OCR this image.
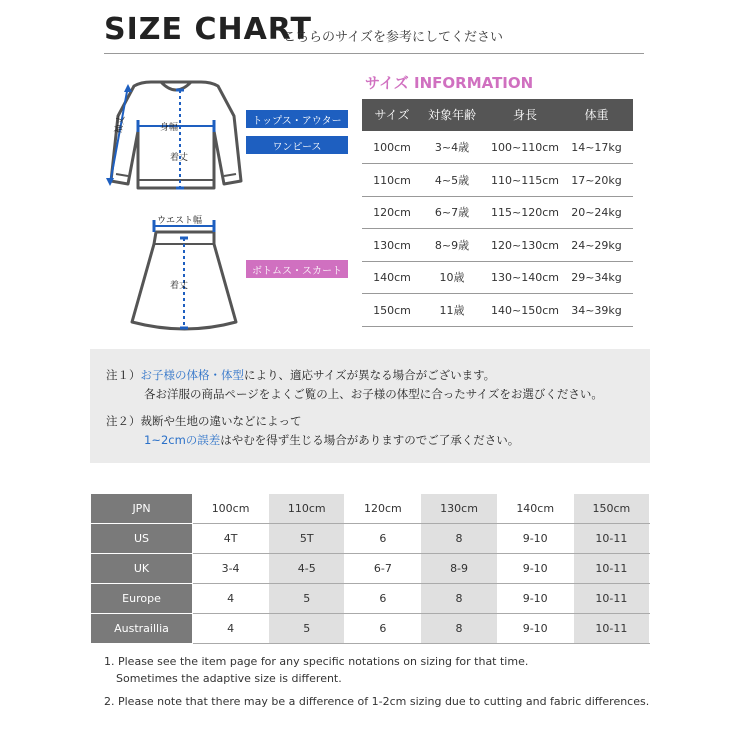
SIZE CHART
こちらのサイズを参考にしてください
袖丈	身幅
着丈
ウエスト幅
着丈
トップス・アウター
ワンピース
ボトムス・スカート
サイズ INFORMATION
サイズ	対象年齢	身長	体重
100cm	3~4歳	100~110cm	14~17kg
110cm	4~5歳	110~115cm	17~20kg
120cm	6~7歳	115~120cm	20~24kg
130cm	8~9歳	120~130cm	24~29kg
140cm	10歳	130~140cm	29~34kg
150cm	11歳	140~150cm	34~39kg
注１）お子様の体格・体型により、適応サイズが異なる場合がございます。
各お洋服の商品ページをよくご覧の上、お子様の体型に合ったサイズをお選びください。
注２）裁断や生地の違いなどによって
1~2cmの誤差はやむを得ず生じる場合がありますのでご了承ください。
JPN	100cm	110cm	120cm	130cm	140cm	150cm
US	4T	5T	6	8	9-10	10-11
UK	3-4	4-5	6-7	8-9	9-10	10-11
Europe	4	5	6	8	9-10	10-11
Austraillia	4	5	6	8	9-10	10-11
1. Please see the item page for any specific notations on sizing for that time.
Sometimes the adaptive size is different.
2. Please note that there may be a difference of 1-2cm sizing due to cutting and fabric differences.
